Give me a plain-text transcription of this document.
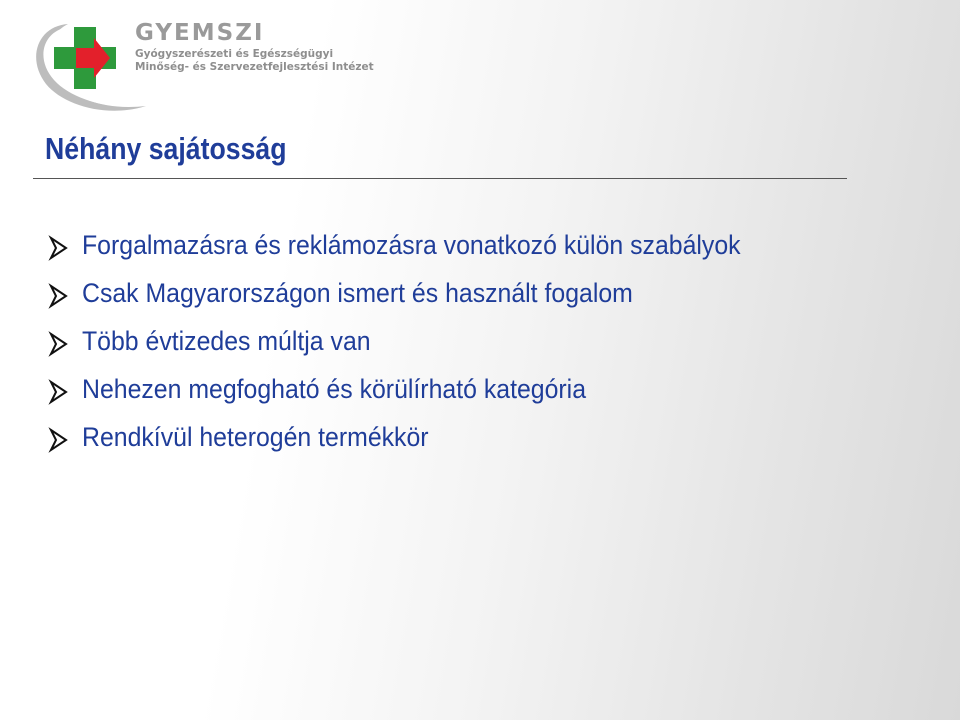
GYEMSZI
Gyógyszerészeti és Egészségügyi
Minőség- és Szervezetfejlesztési Intézet
Néhány sajátosság
Forgalmazásra és reklámozásra vonatkozó külön szabályok
Csak Magyarországon ismert és használt fogalom
Több évtizedes múltja van
Nehezen megfogható és körülírható kategória
Rendkívül heterogén termékkör
